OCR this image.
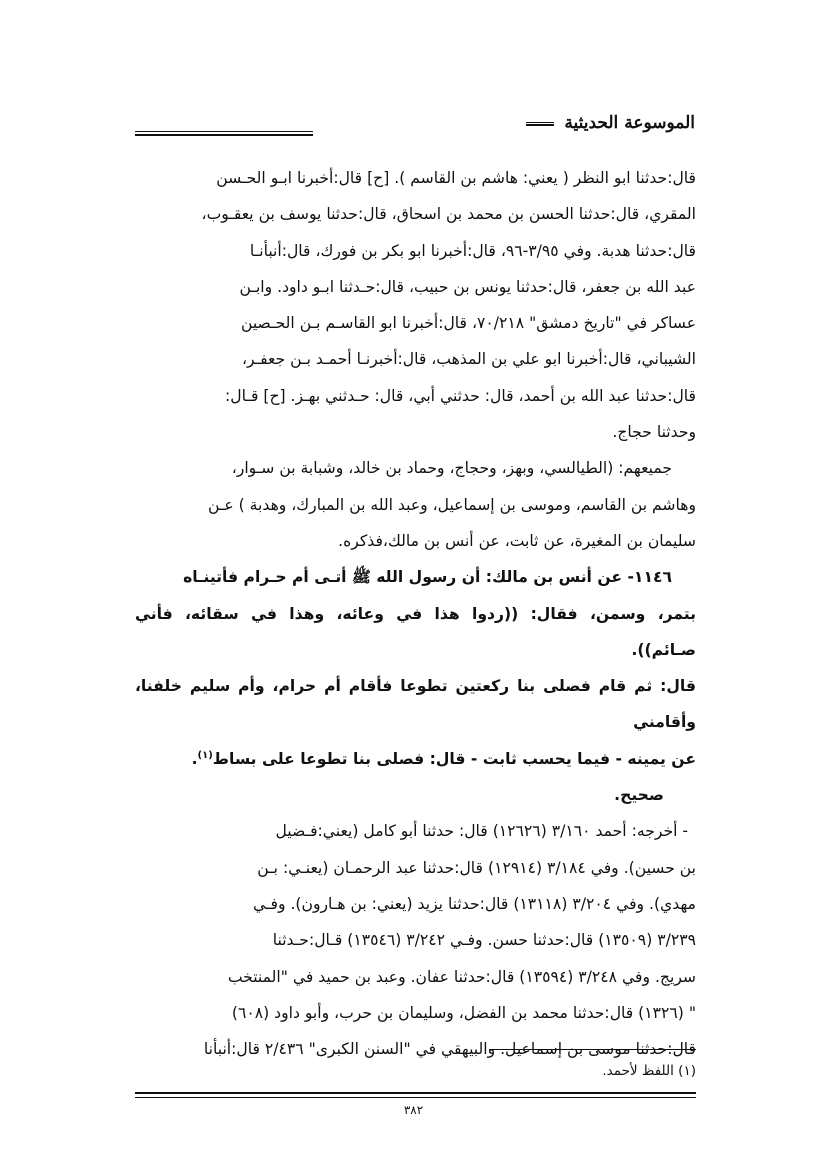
الموسوعة الحديثية

قال:حدثنا ابو النظر ( يعني: هاشم بن القاسم ). [ح] قال:أخبرنا ابـو الحـسن

المقري، قال:حدثنا الحسن بن محمد بن اسحاق، قال:حدثنا يوسف بن يعقـوب،

قال:حدثنا هدبة. وفي ٣/٩٥-٩٦، قال:أخبرنا ابو بكر بن فورك، قال:أنبأنـا

عبد الله بن جعفر، قال:حدثنا يونس بن حبيب، قال:حـدثنا ابـو داود. وابـن

عساكر في "تاريخ دمشق" ٧٠/٢١٨، قال:أخبرنا ابو القاسـم بـن الحـصين

الشيباني، قال:أخبرنا ابو علي بن المذهب، قال:أخبرنـا أحمـد بـن جعفـر،

قال:حدثنا عبد الله بن أحمد، قال: حدثني أبي، قال: حـدثني بهـز. [ح] قـال:

وحدثنا حجاج.

جميعهم: (الطيالسي، وبهز، وحجاج، وحماد بن خالد، وشبابة بن سـوار،

وهاشم بن القاسم، وموسى بن إسماعيل، وعبد الله بن المبارك، وهدبة ) عـن

سليمان بن المغيرة، عن ثابت، عن أنس بن مالك،فذكره.

١١٤٦- عن أنس بن مالك: أن رسول الله ﷺ أتـى أم حـرام فأتينـاه

بتمر، وسمن، فقال: ((ردوا هذا في وعائه، وهذا في سقائه، فأني صـائم)).

قال: ثم قام فصلى بنا ركعتين تطوعا فأقام أم حرام، وأم سليم خلفنا، وأقامني

عن يمينه - فيما يحسب ثابت - قال: فصلى بنا تطوعا على بساط$^{(١)}$.

صحيح.

- أخرجه: أحمد ٣/١٦٠ (١٢٦٢٦) قال: حدثنا أبو كامل (يعني:فـضيل

بن حسين). وفي ٣/١٨٤ (١٢٩١٤) قال:حدثنا عبد الرحمـان (يعنـي: بـن

مهدي). وفي ٣/٢٠٤ (١٣١١٨) قال:حدثنا يزيد (يعني: بن هـارون). وفـي

٣/٢٣٩ (١٣٥٠٩) قال:حدثنا حسن. وفـي ٣/٢٤٢ (١٣٥٤٦) قـال:حـدثنا

سريج. وفي ٣/٢٤٨ (١٣٥٩٤) قال:حدثنا عفان. وعبد بن حميد في "المنتخب

" (١٣٢٦) قال:حدثنا محمد بن الفضل، وسليمان بن حرب، وأبو داود (٦٠٨)

قال:حدثنا موسى بن إسماعيل. والبيهقي في "السنن الكبرى" ٢/٤٣٦ قال:أنبأنا

(١) اللفظ لأحمد.
٣٨٢
